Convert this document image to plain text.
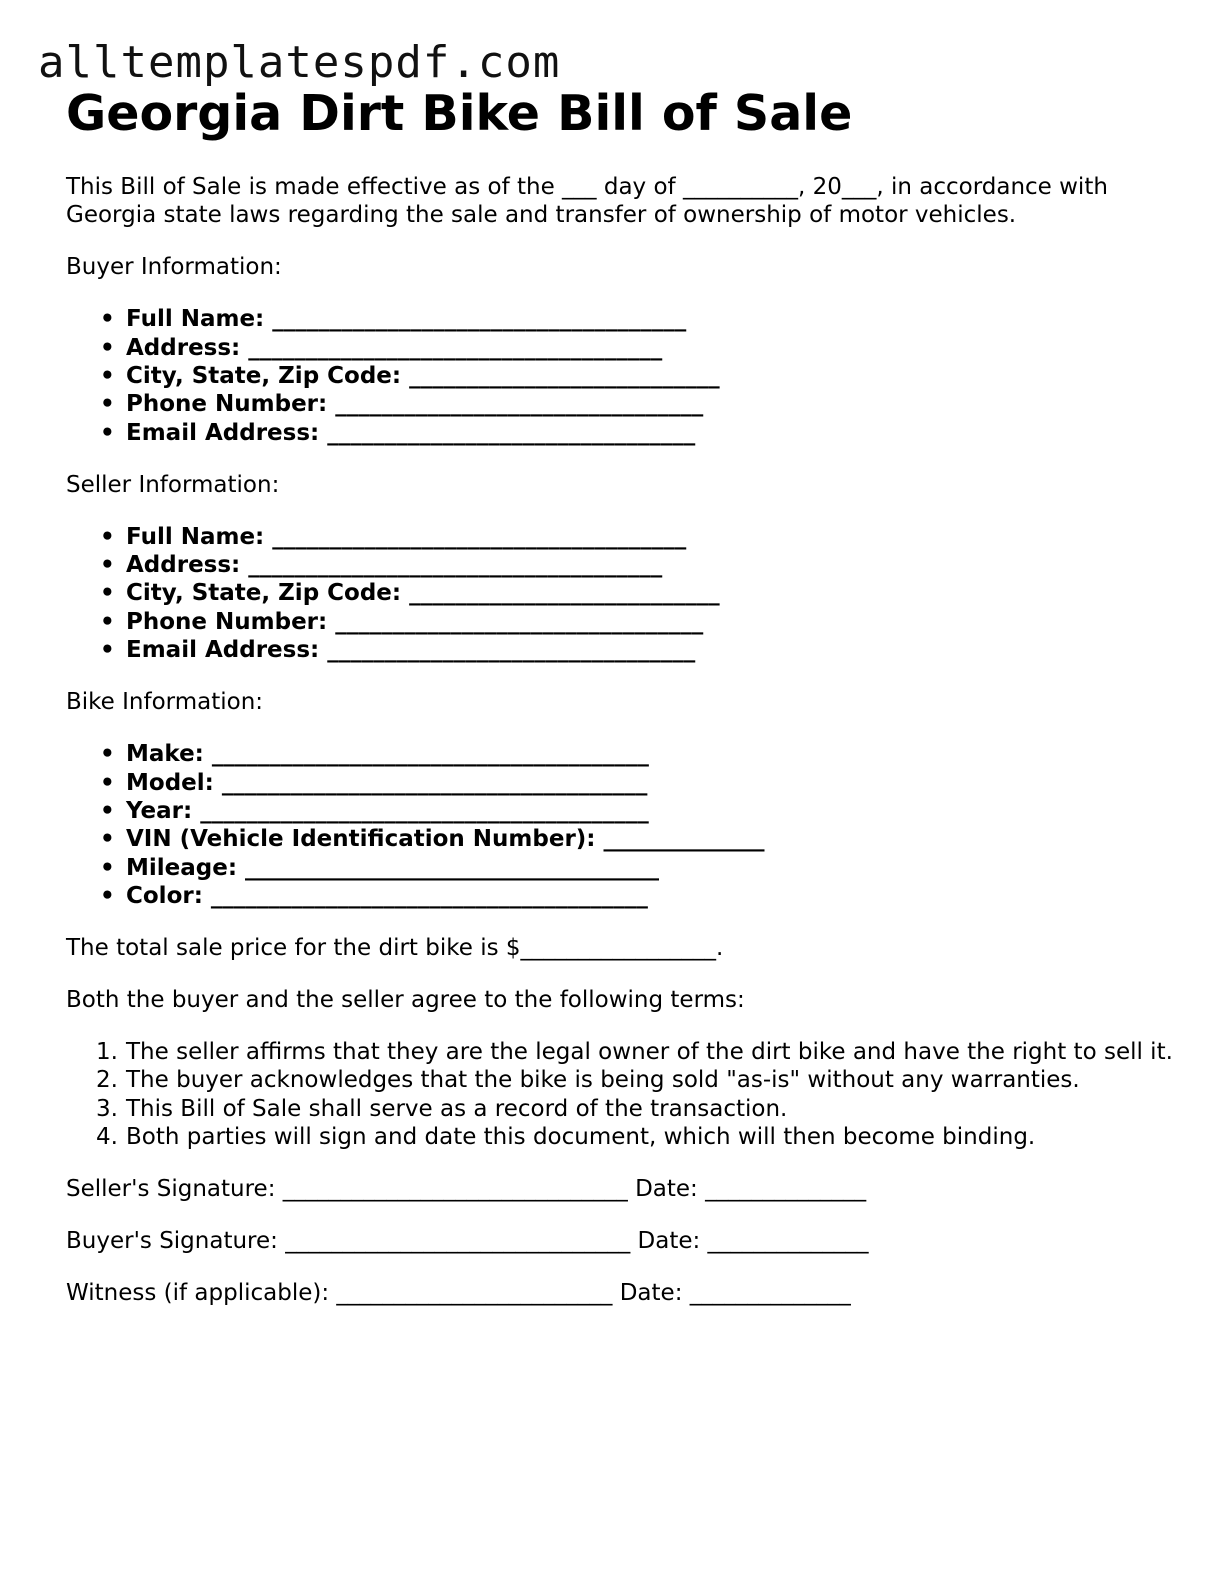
alltemplatespdf.com
Georgia Dirt Bike Bill of Sale

This Bill of Sale is made effective as of the ___ day of __________, 20___, in accordance with Georgia state laws regarding the sale and transfer of ownership of motor vehicles.

Buyer Information:

• Full Name: ____________________________________
• Address: ____________________________________
• City, State, Zip Code: ___________________________
• Phone Number: ________________________________
• Email Address: ________________________________

Seller Information:

• Full Name: ____________________________________
• Address: ____________________________________
• City, State, Zip Code: ___________________________
• Phone Number: ________________________________
• Email Address: ________________________________

Bike Information:

• Make: ______________________________________
• Model: _____________________________________
• Year: _______________________________________
• VIN (Vehicle Identification Number): ______________
• Mileage: ____________________________________
• Color: ______________________________________

The total sale price for the dirt bike is $_________________.

Both the buyer and the seller agree to the following terms:

The seller affirms that they are the legal owner of the dirt bike and have the right to sell it.
The buyer acknowledges that the bike is being sold "as-is" without any warranties.
This Bill of Sale shall serve as a record of the transaction.
Both parties will sign and date this document, which will then become binding.

Seller's Signature: ______________________________ Date: ______________

Buyer's Signature: ______________________________ Date: ______________

Witness (if applicable): ________________________ Date: ______________
